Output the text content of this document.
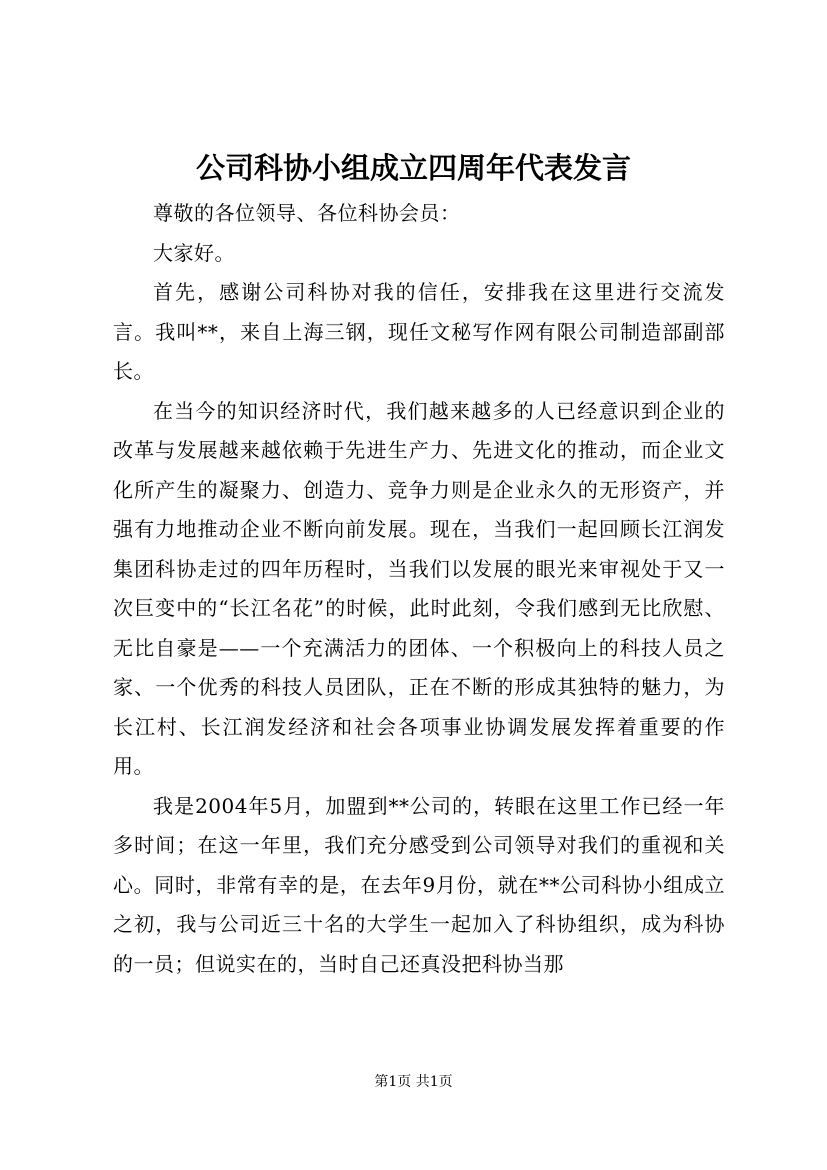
公司科协小组成立四周年代表发言

尊敬的各位领导、各位科协会员：

大家好。

首先，感谢公司科协对我的信任，安排我在这里进行交流发言。我叫**，来自上海三钢，现任文秘写作网有限公司制造部副部长。

在当今的知识经济时代，我们越来越多的人已经意识到企业的改革与发展越来越依赖于先进生产力、先进文化的推动，而企业文化所产生的凝聚力、创造力、竞争力则是企业永久的无形资产，并强有力地推动企业不断向前发展。现在，当我们一起回顾长江润发集团科协走过的四年历程时，当我们以发展的眼光来审视处于又一次巨变中的“长江名花”的时候，此时此刻，令我们感到无比欣慰、无比自豪是——一个充满活力的团体、一个积极向上的科技人员之家、一个优秀的科技人员团队，正在不断的形成其独特的魅力，为长江村、长江润发经济和社会各项事业协调发展发挥着重要的作用。

我是2004年5月，加盟到**公司的，转眼在这里工作已经一年多时间；在这一年里，我们充分感受到公司领导对我们的重视和关心。同时，非常有幸的是，在去年9月份，就在**公司科协小组成立之初，我与公司近三十名的大学生一起加入了科协组织，成为科协的一员；但说实在的，当时自己还真没把科协当那

第1页 共1页
